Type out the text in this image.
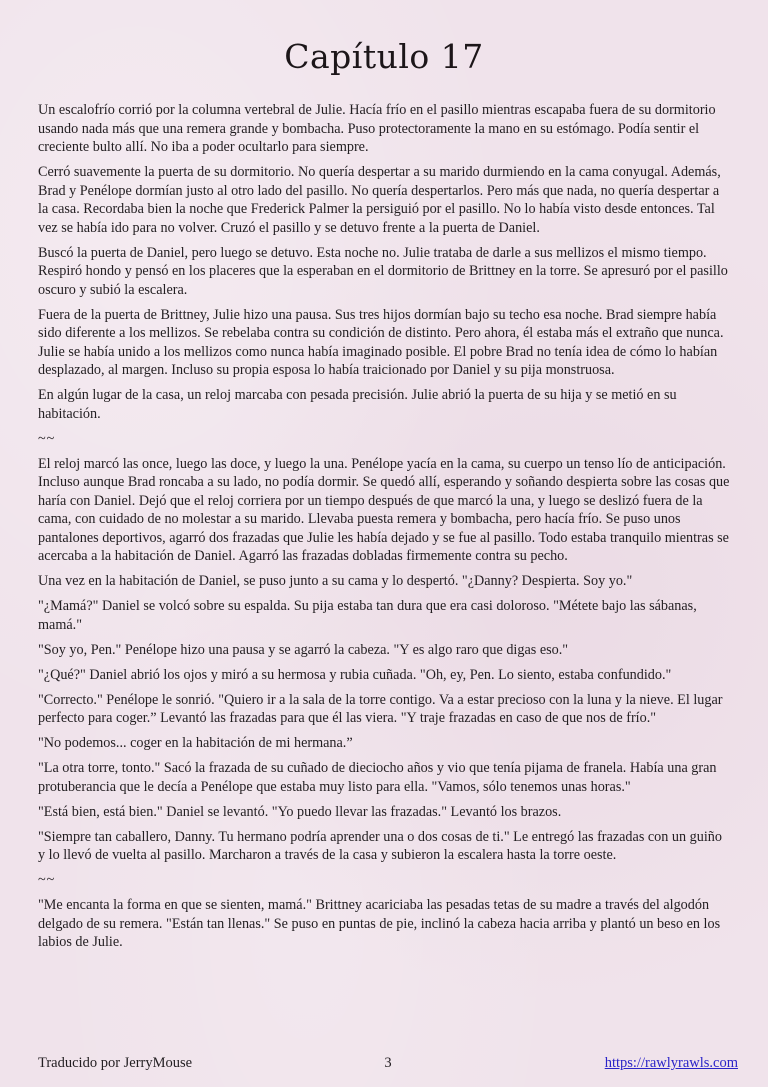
Capítulo 17

Un escalofrío corrió por la columna vertebral de Julie. Hacía frío en el pasillo mientras escapaba fuera de su dormitorio usando nada más que una remera grande y bombacha. Puso protectoramente la mano en su estómago. Podía sentir el creciente bulto allí. No iba a poder ocultarlo para siempre.

Cerró suavemente la puerta de su dormitorio. No quería despertar a su marido durmiendo en la cama conyugal. Además, Brad y Penélope dormían justo al otro lado del pasillo. No quería despertarlos. Pero más que nada, no quería despertar a la casa. Recordaba bien la noche que Frederick Palmer la persiguió por el pasillo. No lo había visto desde entonces. Tal vez se había ido para no volver. Cruzó el pasillo y se detuvo frente a la puerta de Daniel.

Buscó la puerta de Daniel, pero luego se detuvo. Esta noche no. Julie trataba de darle a sus mellizos el mismo tiempo. Respiró hondo y pensó en los placeres que la esperaban en el dormitorio de Brittney en la torre. Se apresuró por el pasillo oscuro y subió la escalera.

Fuera de la puerta de Brittney, Julie hizo una pausa. Sus tres hijos dormían bajo su techo esa noche. Brad siempre había sido diferente a los mellizos. Se rebelaba contra su condición de distinto. Pero ahora, él estaba más el extraño que nunca. Julie se había unido a los mellizos como nunca había imaginado posible. El pobre Brad no tenía idea de cómo lo habían desplazado, al margen. Incluso su propia esposa lo había traicionado por Daniel y su pija monstruosa.

En algún lugar de la casa, un reloj marcaba con pesada precisión. Julie abrió la puerta de su hija y se metió en su habitación.

~~

El reloj marcó las once, luego las doce, y luego la una. Penélope yacía en la cama, su cuerpo un tenso lío de anticipación. Incluso aunque Brad roncaba a su lado, no podía dormir. Se quedó allí, esperando y soñando despierta sobre las cosas que haría con Daniel. Dejó que el reloj corriera por un tiempo después de que marcó la una, y luego se deslizó fuera de la cama, con cuidado de no molestar a su marido. Llevaba puesta remera y bombacha, pero hacía frío. Se puso unos pantalones deportivos, agarró dos frazadas que Julie les había dejado y se fue al pasillo. Todo estaba tranquilo mientras se acercaba a la habitación de Daniel. Agarró las frazadas dobladas firmemente contra su pecho.

Una vez en la habitación de Daniel, se puso junto a su cama y lo despertó. "¿Danny? Despierta. Soy yo."

"¿Mamá?" Daniel se volcó sobre su espalda. Su pija estaba tan dura que era casi doloroso. "Métete bajo las sábanas, mamá."

"Soy yo, Pen." Penélope hizo una pausa y se agarró la cabeza. "Y es algo raro que digas eso."

"¿Qué?" Daniel abrió los ojos y miró a su hermosa y rubia cuñada. "Oh, ey, Pen. Lo siento, estaba confundido."

"Correcto." Penélope le sonrió. "Quiero ir a la sala de la torre contigo. Va a estar precioso con la luna y la nieve. El lugar perfecto para coger.” Levantó las frazadas para que él las viera. "Y traje frazadas en caso de que nos de frío."

"No podemos... coger en la habitación de mi hermana.”

"La otra torre, tonto." Sacó la frazada de su cuñado de dieciocho años y vio que tenía pijama de franela. Había una gran protuberancia que le decía a Penélope que estaba muy listo para ella. "Vamos, sólo tenemos unas horas."

"Está bien, está bien." Daniel se levantó. "Yo puedo llevar las frazadas." Levantó los brazos.

"Siempre tan caballero, Danny. Tu hermano podría aprender una o dos cosas de ti." Le entregó las frazadas con un guiño y lo llevó de vuelta al pasillo. Marcharon a través de la casa y subieron la escalera hasta la torre oeste.

~~

"Me encanta la forma en que se sienten, mamá." Brittney acariciaba las pesadas tetas de su madre a través del algodón delgado de su remera. "Están tan llenas." Se puso en puntas de pie, inclinó la cabeza hacia arriba y plantó un beso en los labios de Julie.

Traducido por JerryMouse	3	https://rawlyrawls.com
